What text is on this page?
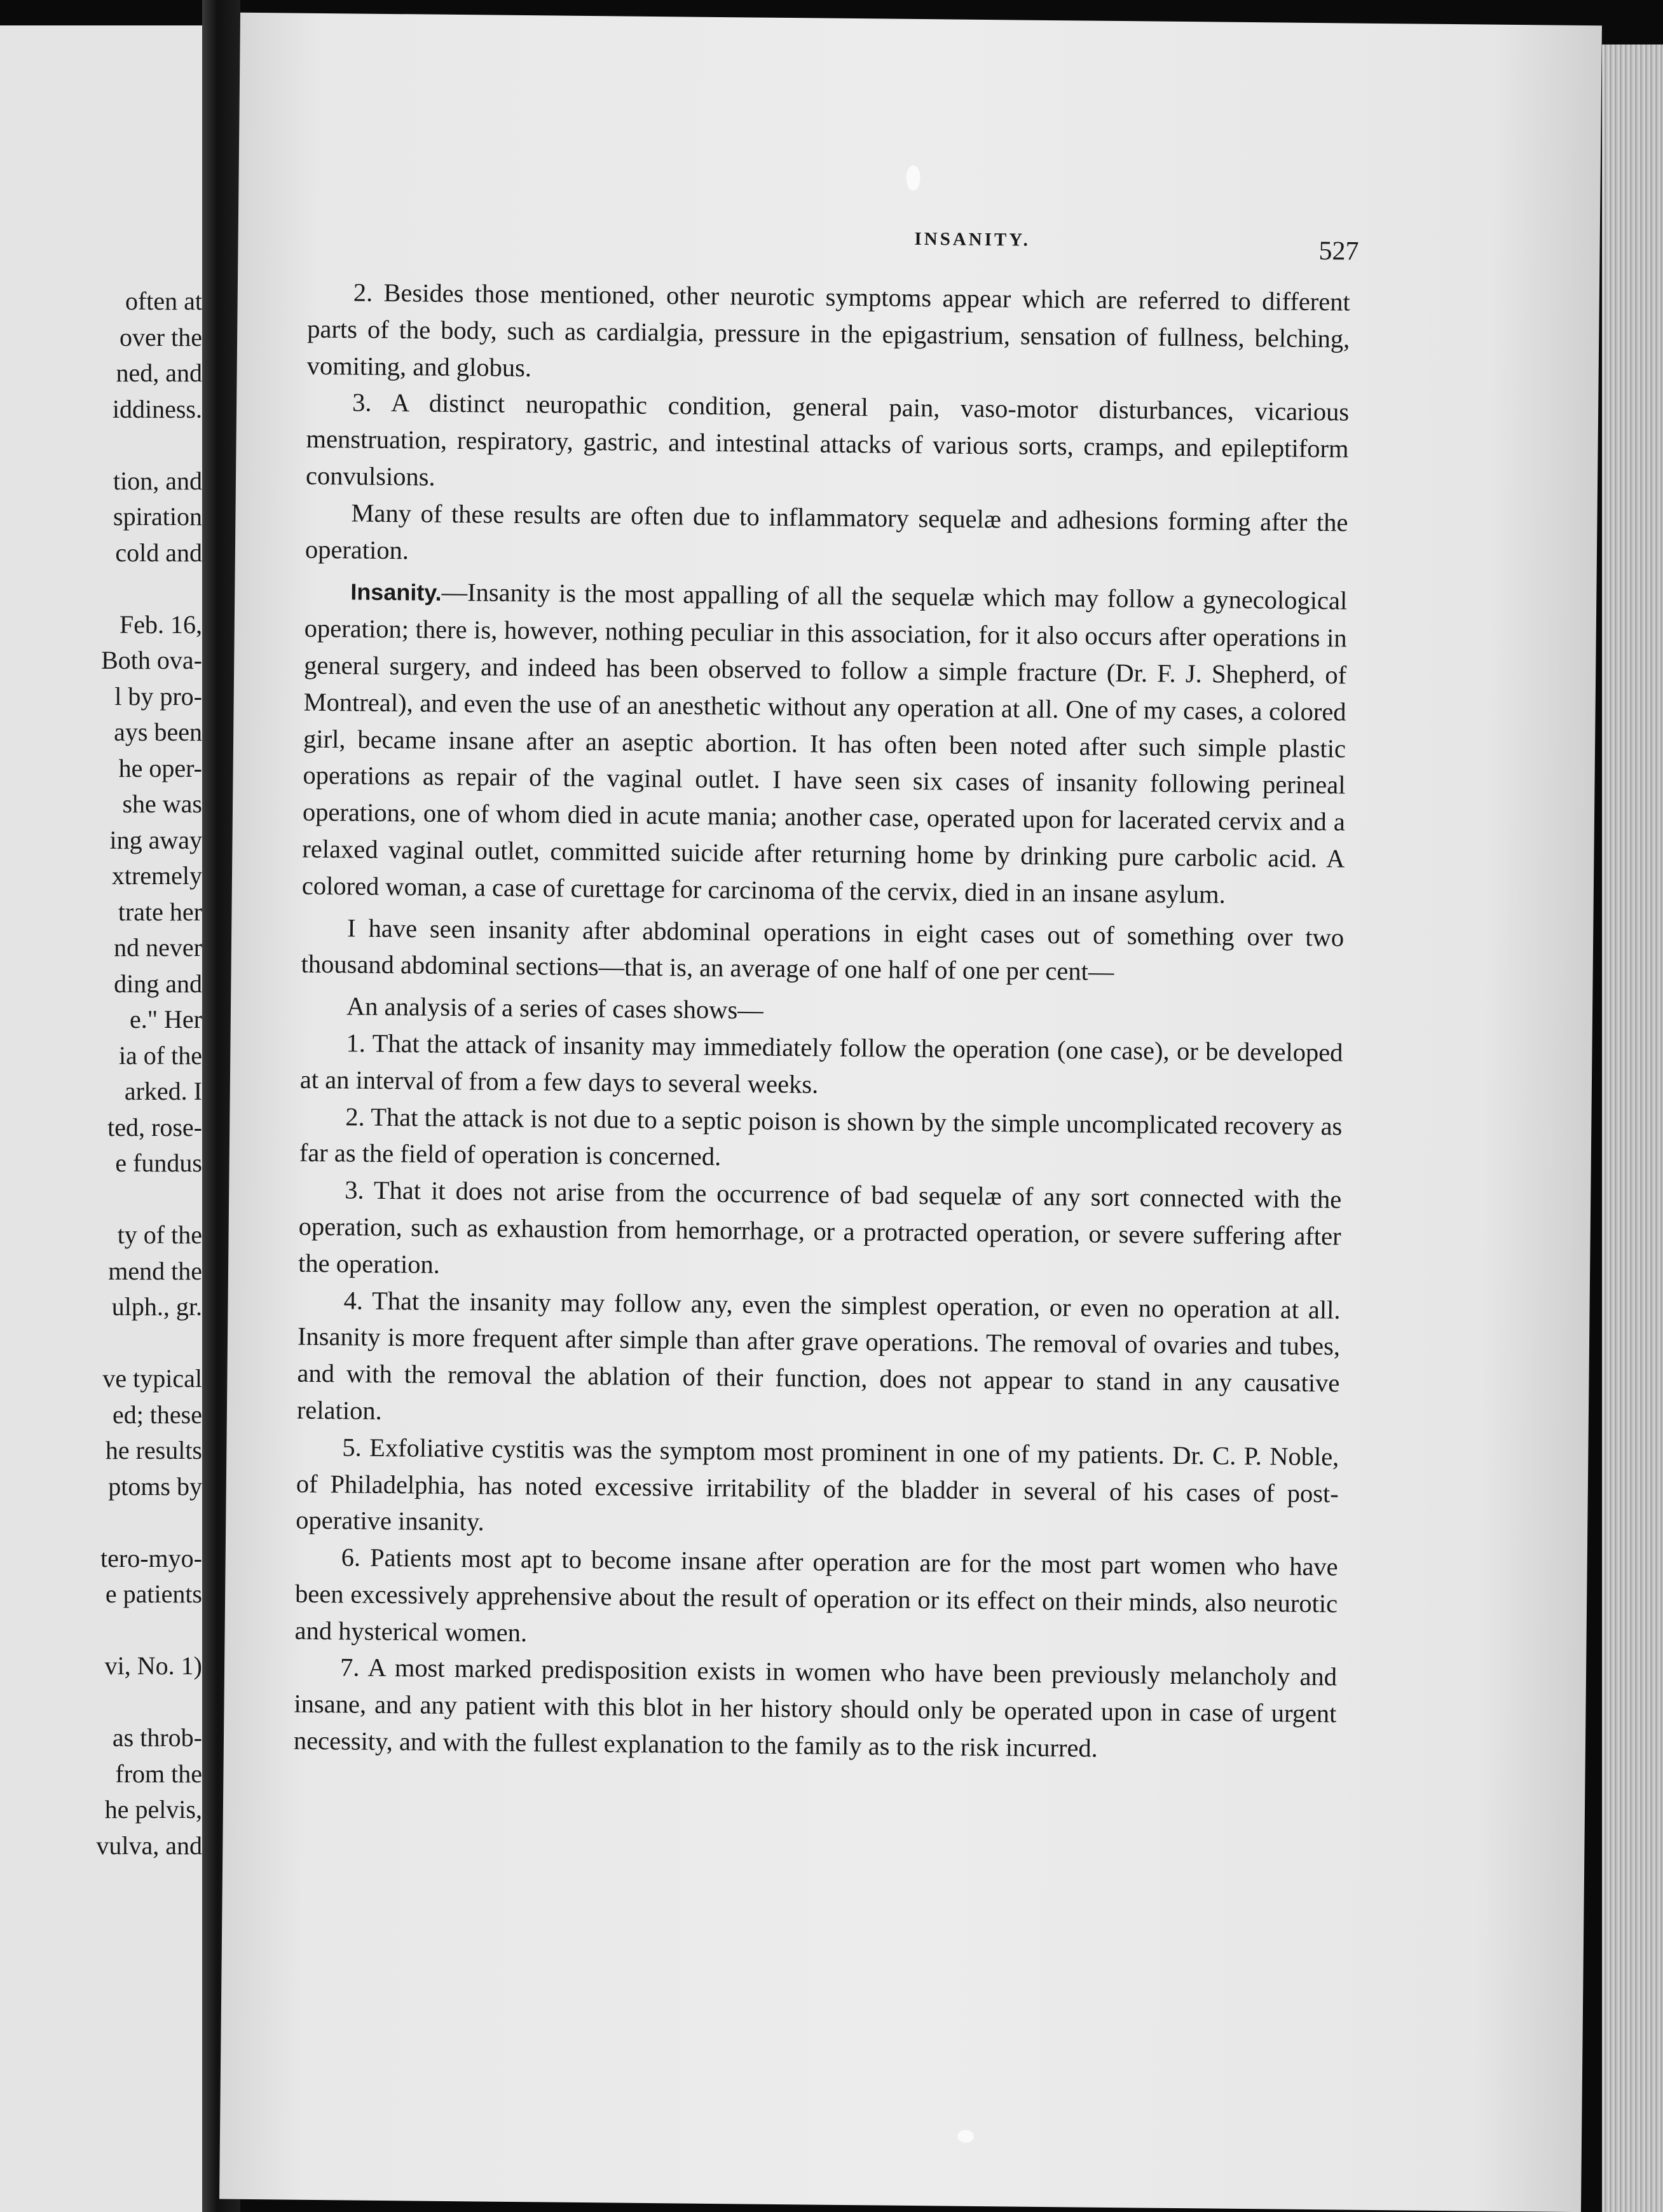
often at
over the
ned, and
iddiness.
tion, and
spiration
cold and
Feb. 16,
Both ova-
l by pro-
ays been
he oper-
she was
ing away
xtremely
trate her
nd never
ding and
e." Her
ia of the
arked. I
ted, rose-
e fundus
ty of the
mend the
ulph., gr.
ve typical
ed; these
he results
ptoms by
tero-myo-
e patients
vi, No. 1)
as throb-
from the
he pelvis,
vulva, and
INSANITY.	527

2. Besides those mentioned, other neurotic symptoms appear which are referred to different parts of the body, such as cardialgia, pressure in the epigastrium, sensation of fullness, belching, vomiting, and globus.

3. A distinct neuropathic condition, general pain, vaso-motor disturbances, vicarious menstruation, respiratory, gastric, and intestinal attacks of various sorts, cramps, and epileptiform convulsions.

Many of these results are often due to inflammatory sequelæ and adhesions forming after the operation.

Insanity.—Insanity is the most appalling of all the sequelæ which may follow a gynecological operation; there is, however, nothing peculiar in this association, for it also occurs after operations in general surgery, and indeed has been observed to follow a simple fracture (Dr. F. J. Shepherd, of Montreal), and even the use of an anesthetic without any operation at all. One of my cases, a colored girl, became insane after an aseptic abortion. It has often been noted after such simple plastic operations as repair of the vaginal outlet. I have seen six cases of insanity following perineal operations, one of whom died in acute mania; another case, operated upon for lacerated cervix and a relaxed vaginal outlet, committed suicide after returning home by drinking pure carbolic acid. A colored woman, a case of curettage for carcinoma of the cervix, died in an insane asylum.

I have seen insanity after abdominal operations in eight cases out of something over two thousand abdominal sections—that is, an average of one half of one per cent—

An analysis of a series of cases shows—

1. That the attack of insanity may immediately follow the operation (one case), or be developed at an interval of from a few days to several weeks.

2. That the attack is not due to a septic poison is shown by the simple uncomplicated recovery as far as the field of operation is concerned.

3. That it does not arise from the occurrence of bad sequelæ of any sort connected with the operation, such as exhaustion from hemorrhage, or a protracted operation, or severe suffering after the operation.

4. That the insanity may follow any, even the simplest operation, or even no operation at all. Insanity is more frequent after simple than after grave operations. The removal of ovaries and tubes, and with the removal the ablation of their function, does not appear to stand in any causative relation.

5. Exfoliative cystitis was the symptom most prominent in one of my patients. Dr. C. P. Noble, of Philadelphia, has noted excessive irritability of the bladder in several of his cases of post-operative insanity.

6. Patients most apt to become insane after operation are for the most part women who have been excessively apprehensive about the result of operation or its effect on their minds, also neurotic and hysterical women.

7. A most marked predisposition exists in women who have been previously melancholy and insane, and any patient with this blot in her history should only be operated upon in case of urgent necessity, and with the fullest explanation to the family as to the risk incurred.
